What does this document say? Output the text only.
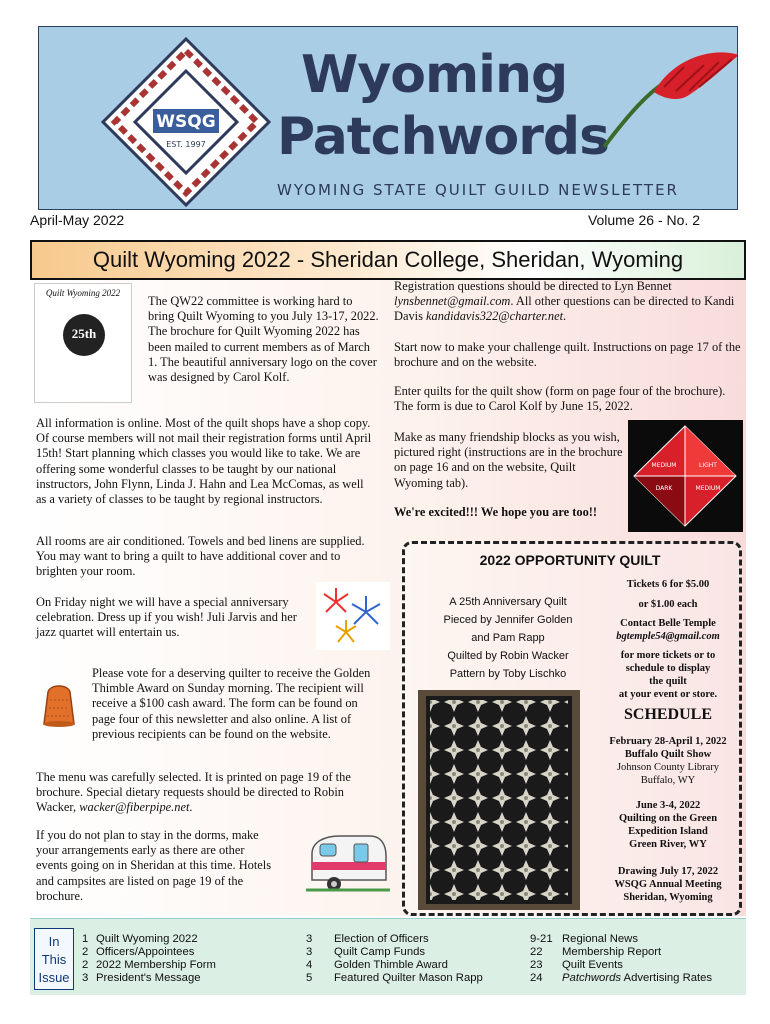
WSQG
EST. 1997
Wyoming
Patchwords
WYOMING STATE QUILT GUILD NEWSLETTER
April-May 2022	Volume 26 - No. 2
Quilt Wyoming 2022 - Sheridan College, Sheridan, Wyoming
Quilt Wyoming 2022
25th

The QW22 committee is working hard to bring Quilt Wyoming to you July 13-17, 2022. The brochure for Quilt Wyoming 2022 has been mailed to current members as of March 1. The beautiful anniversary logo on the cover was designed by Carol Kolf.

All information is online. Most of the quilt shops have a shop copy. Of course members will not mail their registration forms until April 15th! Start planning which classes you would like to take. We are offering some wonderful classes to be taught by our national instructors, John Flynn, Linda J. Hahn and Lea McComas, as well as a variety of classes to be taught by regional instructors.

All rooms are air conditioned. Towels and bed linens are supplied. You may want to bring a quilt to have additional cover and to brighten your room.

On Friday night we will have a special anniversary celebration. Dress up if you wish! Juli Jarvis and her jazz quartet will entertain us.

Please vote for a deserving quilter to receive the Golden Thimble Award on Sunday morning. The recipient will receive a $100 cash award. The form can be found on page four of this newsletter and also online. A list of previous recipients can be found on the website.

The menu was carefully selected. It is printed on page 19 of the brochure. Special dietary requests should be directed to Robin Wacker, wacker@fiberpipe.net.

If you do not plan to stay in the dorms, make your arrangements early as there are other events going on in Sheridan at this time. Hotels and campsites are listed on page 19 of the brochure.

Registration questions should be directed to Lyn Bennet lynsbennet@gmail.com. All other questions can be directed to Kandi Davis kandidavis322@charter.net.

Start now to make your challenge quilt. Instructions on page 17 of the brochure and on the website.

Enter quilts for the quilt show (form on page four of the brochure). The form is due to Carol Kolf by June 15, 2022.

Make as many friendship blocks as you wish, pictured right (instructions are in the brochure on page 16 and on the website, Quilt Wyoming tab).

We're excited!!! We hope you are too!!

MEDIUM	LIGHT
DARK	MEDIUM
2022 OPPORTUNITY QUILT
A 25th Anniversary Quilt
Pieced by Jennifer Golden
and Pam Rapp
Quilted by Robin Wacker
Pattern by Toby Lischko
Tickets 6 for $5.00
or $1.00 each
Contact Belle Temple
bgtemple54@gmail.com
for more tickets or to
schedule to display
the quilt
at your event or store.
SCHEDULE
February 28-April 1, 2022
Buffalo Quilt Show
Johnson County Library
Buffalo, WY
June 3-4, 2022
Quilting on the Green
Expedition Island
Green River, WY
Drawing July 17, 2022
WSQG Annual Meeting
Sheridan, Wyoming
In
This
Issue
1 Quilt Wyoming 2022
2 Officers/Appointees
2 2022 Membership Form
3 President's Message
3 Election of Officers
3 Quilt Camp Funds
4 Golden Thimble Award
5 Featured Quilter Mason Rapp
9-21 Regional News
22 Membership Report
23 Quilt Events
24 Patchwords Advertising Rates
